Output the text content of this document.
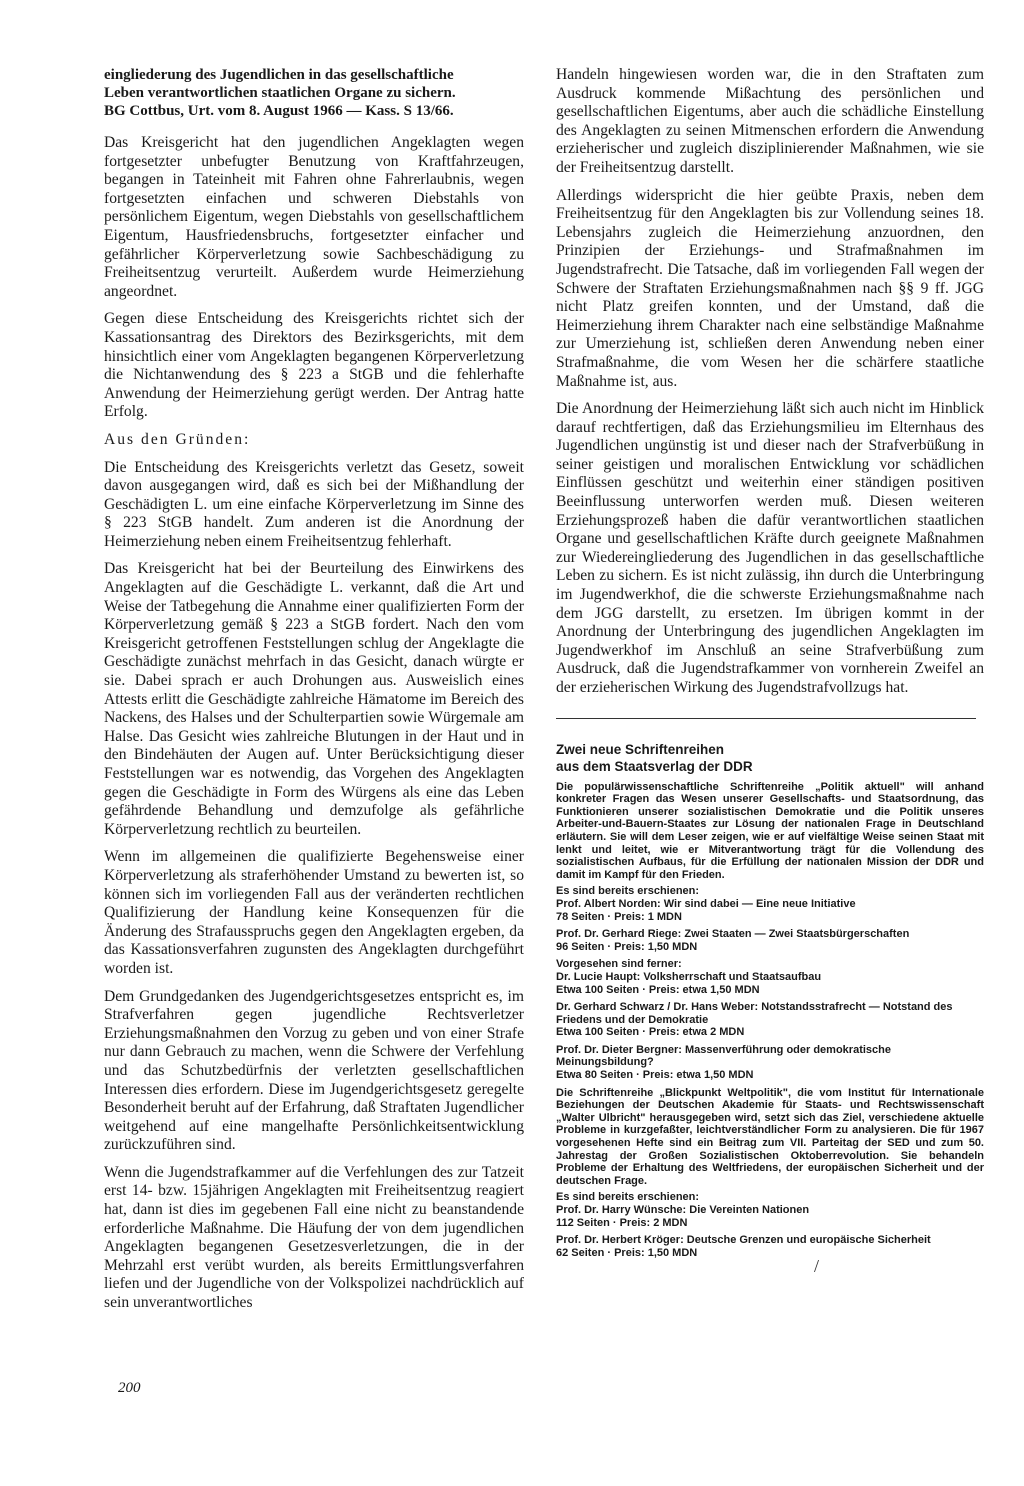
eingliederung des Jugendlichen in das gesellschaftliche
Leben verantwortlichen staatlichen Organe zu sichern.
BG Cottbus, Urt. vom 8. August 1966 — Kass. S 13/66.

Das Kreisgericht hat den jugendlichen Angeklagten wegen fortgesetzter unbefugter Benutzung von Kraftfahrzeugen, begangen in Tateinheit mit Fahren ohne Fahrerlaubnis, wegen fortgesetzten einfachen und schweren Diebstahls von persönlichem Eigentum, wegen Diebstahls von gesellschaftlichem Eigentum, Hausfriedensbruchs, fortgesetzter einfacher und gefährlicher Körperverletzung sowie Sachbeschädigung zu Freiheitsentzug verurteilt. Außerdem wurde Heimerziehung angeordnet.

Gegen diese Entscheidung des Kreisgerichts richtet sich der Kassationsantrag des Direktors des Bezirksgerichts, mit dem hinsichtlich einer vom Angeklagten begangenen Körperverletzung die Nichtanwendung des § 223 a StGB und die fehlerhafte Anwendung der Heimerziehung gerügt werden. Der Antrag hatte Erfolg.

Aus den Gründen:

Die Entscheidung des Kreisgerichts verletzt das Gesetz, soweit davon ausgegangen wird, daß es sich bei der Mißhandlung der Geschädigten L. um eine einfache Körperverletzung im Sinne des § 223 StGB handelt. Zum anderen ist die Anordnung der Heimerziehung neben einem Freiheitsentzug fehlerhaft.

Das Kreisgericht hat bei der Beurteilung des Einwirkens des Angeklagten auf die Geschädigte L. verkannt, daß die Art und Weise der Tatbegehung die Annahme einer qualifizierten Form der Körperverletzung gemäß § 223 a StGB fordert. Nach den vom Kreisgericht getroffenen Feststellungen schlug der Angeklagte die Geschädigte zunächst mehrfach in das Gesicht, danach würgte er sie. Dabei sprach er auch Drohungen aus. Ausweislich eines Attests erlitt die Geschädigte zahlreiche Hämatome im Bereich des Nackens, des Halses und der Schulterpartien sowie Würgemale am Halse. Das Gesicht wies zahlreiche Blutungen in der Haut und in den Bindehäuten der Augen auf. Unter Berücksichtigung dieser Feststellungen war es notwendig, das Vorgehen des Angeklagten gegen die Geschädigte in Form des Würgens als eine das Leben gefährdende Behandlung und demzufolge als gefährliche Körperverletzung rechtlich zu beurteilen.

Wenn im allgemeinen die qualifizierte Begehensweise einer Körperverletzung als straferhöhender Umstand zu bewerten ist, so können sich im vorliegenden Fall aus der veränderten rechtlichen Qualifizierung der Handlung keine Konsequenzen für die Änderung des Strafausspruchs gegen den Angeklagten ergeben, da das Kassationsverfahren zugunsten des Angeklagten durchgeführt worden ist.

Dem Grundgedanken des Jugendgerichtsgesetzes entspricht es, im Strafverfahren gegen jugendliche Rechtsverletzer Erziehungsmaßnahmen den Vorzug zu geben und von einer Strafe nur dann Gebrauch zu machen, wenn die Schwere der Verfehlung und das Schutzbedürfnis der verletzten gesellschaftlichen Interessen dies erfordern. Diese im Jugendgerichtsgesetz geregelte Besonderheit beruht auf der Erfahrung, daß Straftaten Jugendlicher weitgehend auf eine mangelhafte Persönlichkeitsentwicklung zurückzuführen sind.

Wenn die Jugendstrafkammer auf die Verfehlungen des zur Tatzeit erst 14- bzw. 15jährigen Angeklagten mit Freiheitsentzug reagiert hat, dann ist dies im gegebenen Fall eine nicht zu beanstandende erforderliche Maßnahme. Die Häufung der von dem jugendlichen Angeklagten begangenen Gesetzesverletzungen, die in der Mehrzahl erst verübt wurden, als bereits Ermittlungsverfahren liefen und der Jugendliche von der Volkspolizei nachdrücklich auf sein unverantwortliches

Handeln hingewiesen worden war, die in den Straftaten zum Ausdruck kommende Mißachtung des persönlichen und gesellschaftlichen Eigentums, aber auch die schädliche Einstellung des Angeklagten zu seinen Mitmenschen erfordern die Anwendung erzieherischer und zugleich disziplinierender Maßnahmen, wie sie der Freiheitsentzug darstellt.

Allerdings widerspricht die hier geübte Praxis, neben dem Freiheitsentzug für den Angeklagten bis zur Vollendung seines 18. Lebensjahrs zugleich die Heimerziehung anzuordnen, den Prinzipien der Erziehungs- und Strafmaßnahmen im Jugendstrafrecht. Die Tatsache, daß im vorliegenden Fall wegen der Schwere der Straftaten Erziehungsmaßnahmen nach §§ 9 ff. JGG nicht Platz greifen konnten, und der Umstand, daß die Heimerziehung ihrem Charakter nach eine selbständige Maßnahme zur Umerziehung ist, schließen deren Anwendung neben einer Strafmaßnahme, die vom Wesen her die schärfere staatliche Maßnahme ist, aus.

Die Anordnung der Heimerziehung läßt sich auch nicht im Hinblick darauf rechtfertigen, daß das Erziehungsmilieu im Elternhaus des Jugendlichen ungünstig ist und dieser nach der Strafverbüßung in seiner geistigen und moralischen Entwicklung vor schädlichen Einflüssen geschützt und weiterhin einer ständigen positiven Beeinflussung unterworfen werden muß. Diesen weiteren Erziehungsprozeß haben die dafür verantwortlichen staatlichen Organe und gesellschaftlichen Kräfte durch geeignete Maßnahmen zur Wiedereingliederung des Jugendlichen in das gesellschaftliche Leben zu sichern. Es ist nicht zulässig, ihn durch die Unterbringung im Jugendwerkhof, die die schwerste Erziehungsmaßnahme nach dem JGG darstellt, zu ersetzen. Im übrigen kommt in der Anordnung der Unterbringung des jugendlichen Angeklagten im Jugendwerkhof im Anschluß an seine Strafverbüßung zum Ausdruck, daß die Jugendstrafkammer von vornherein Zweifel an der erzieherischen Wirkung des Jugendstrafvollzugs hat.

Zwei neue Schriftenreihen
aus dem Staatsverlag der DDR

Die populärwissenschaftliche Schriftenreihe „Politik aktuell" will anhand konkreter Fragen das Wesen unserer Gesellschafts- und Staatsordnung, das Funktionieren unserer sozialistischen Demokratie und die Politik unseres Arbeiter-und-Bauern-Staates zur Lösung der nationalen Frage in Deutschland erläutern. Sie will dem Leser zeigen, wie er auf vielfältige Weise seinen Staat mit lenkt und leitet, wie er Mitverantwortung trägt für die Vollendung des sozialistischen Aufbaus, für die Erfüllung der nationalen Mission der DDR und damit im Kampf für den Frieden.

Es sind bereits erschienen:

Prof. Albert Norden: Wir sind dabei — Eine neue Initiative

78 Seiten · Preis: 1 MDN

Prof. Dr. Gerhard Riege: Zwei Staaten — Zwei Staatsbürgerschaften

96 Seiten · Preis: 1,50 MDN

Vorgesehen sind ferner:

Dr. Lucie Haupt: Volksherrschaft und Staatsaufbau

Etwa 100 Seiten · Preis: etwa 1,50 MDN

Dr. Gerhard Schwarz / Dr. Hans Weber: Notstandsstrafrecht — Notstand des Friedens und der Demokratie

Etwa 100 Seiten · Preis: etwa 2 MDN

Prof. Dr. Dieter Bergner: Massenverführung oder demokratische Meinungsbildung?

Etwa 80 Seiten · Preis: etwa 1,50 MDN

Die Schriftenreihe „Blickpunkt Weltpolitik", die vom Institut für Internationale Beziehungen der Deutschen Akademie für Staats- und Rechtswissenschaft „Walter Ulbricht" herausgegeben wird, setzt sich das Ziel, verschiedene aktuelle Probleme in kurzgefaßter, leichtverständlicher Form zu analysieren. Die für 1967 vorgesehenen Hefte sind ein Beitrag zum VII. Parteitag der SED und zum 50. Jahrestag der Großen Sozialistischen Oktoberrevolution. Sie behandeln Probleme der Erhaltung des Weltfriedens, der europäischen Sicherheit und der deutschen Frage.

Es sind bereits erschienen:

Prof. Dr. Harry Wünsche: Die Vereinten Nationen

112 Seiten · Preis: 2 MDN

Prof. Dr. Herbert Kröger: Deutsche Grenzen und europäische Sicherheit

62 Seiten · Preis: 1,50 MDN

/
200
